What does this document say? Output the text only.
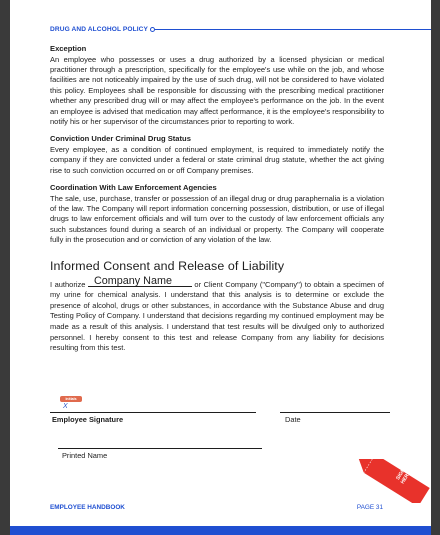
DRUG AND ALCOHOL POLICY
Exception
An employee who possesses or uses a drug authorized by a licensed physician or medical practitioner through a prescription, specifically for the employee's use while on the job, and whose facilities are not noticeably impaired by the use of such drug, will not be considered to have violated this policy. Employees shall be responsible for discussing with the prescribing medical practitioner whether any prescribed drug will or may affect the employee's performance on the job. In the event an employee is advised that medication may affect performance, it is the employee's responsibility to notify his or her supervisor of the circumstances prior to reporting to work.
Conviction Under Criminal Drug Status
Every employee, as a condition of continued employment, is required to immediately notify the company if they are convicted under a federal or state criminal drug statute, whether the act giving rise to such conviction occurred on or off Company premises.
Coordination With Law Enforcement Agencies
The sale, use, purchase, transfer or possession of an illegal drug or drug paraphernalia is a violation of the law. The Company will report information concerning possession, distribution, or use of illegal drugs to law enforcement officials and will turn over to the custody of law enforcement officials any such substances found during a search of an individual or property. The Company will cooperate fully in the prosecution and or conviction of any violation of the law.
Informed Consent and Release of Liability
I authorize Company Name	or Client Company ("Company") to obtain a specimen of my urine for chemical analysis. I understand that this analysis is to determine or exclude the presence of alcohol, drugs or other substances, in accordance with the Substance Abuse and drug Testing Policy of Company. I understand that decisions regarding my continued employment may be made as a result of this analysis. I understand that test results will be divulged only to authorized personnel. I hereby consent to this test and release Company from any liability for decisions resulting from this test.
Initials
X
Employee Signature	Date
Printed Name
SIGN HERE
EMPLOYEE HANDBOOK	PAGE 31
